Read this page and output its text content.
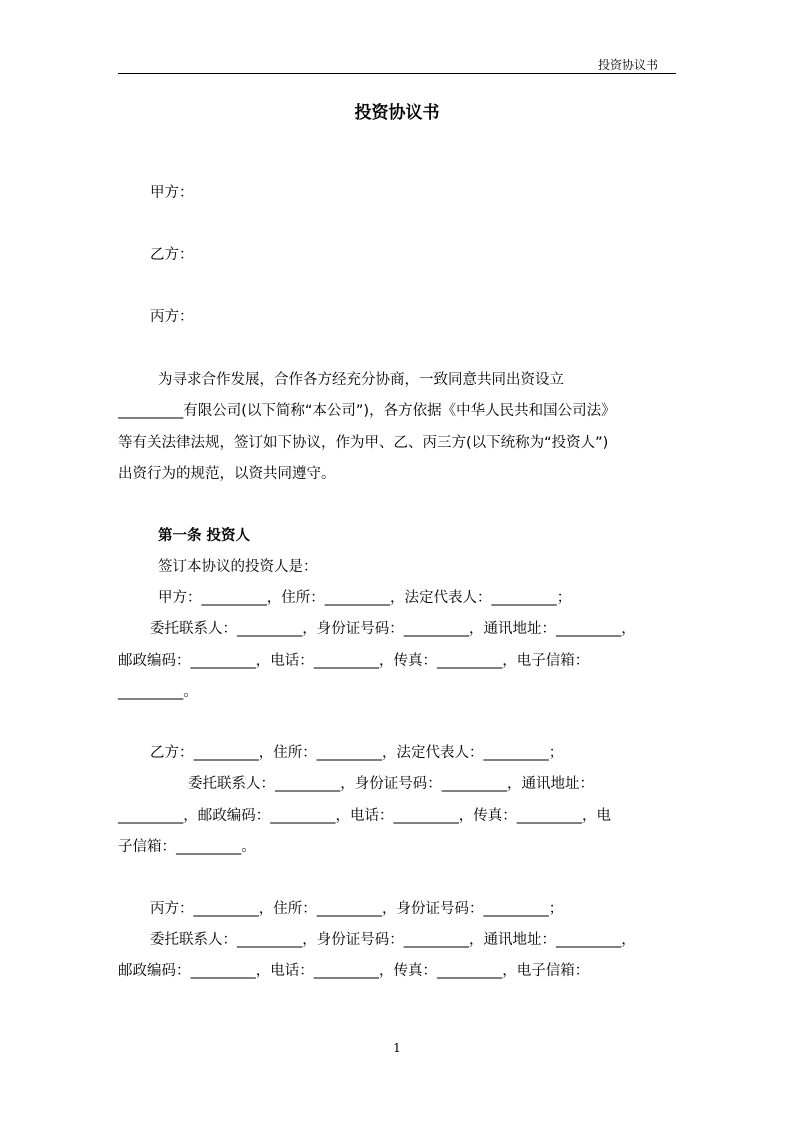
投资协议书
投资协议书
甲方：
乙方：
丙方：
为寻求合作发展，合作各方经充分协商，一致同意共同出资设立
_________有限公司(以下简称“本公司”)，各方依据《中华人民共和国公司法》
等有关法律法规，签订如下协议，作为甲、乙、丙三方(以下统称为“投资人”)
出资行为的规范，以资共同遵守。
第一条 投资人
签订本协议的投资人是：
甲方：_________，住所：_________，法定代表人：_________；
委托联系人：_________，身份证号码：_________，通讯地址：_________，
邮政编码：_________，电话：_________，传真：_________，电子信箱：
_________。
乙方：_________，住所：_________，法定代表人：_________；
委托联系人：_________，身份证号码：_________，通讯地址：
_________，邮政编码：_________，电话：_________，传真：_________，电
子信箱：_________。
丙方：_________，住所：_________，身份证号码：_________；
委托联系人：_________，身份证号码：_________，通讯地址：_________，
邮政编码：_________，电话：_________，传真：_________，电子信箱：
1
